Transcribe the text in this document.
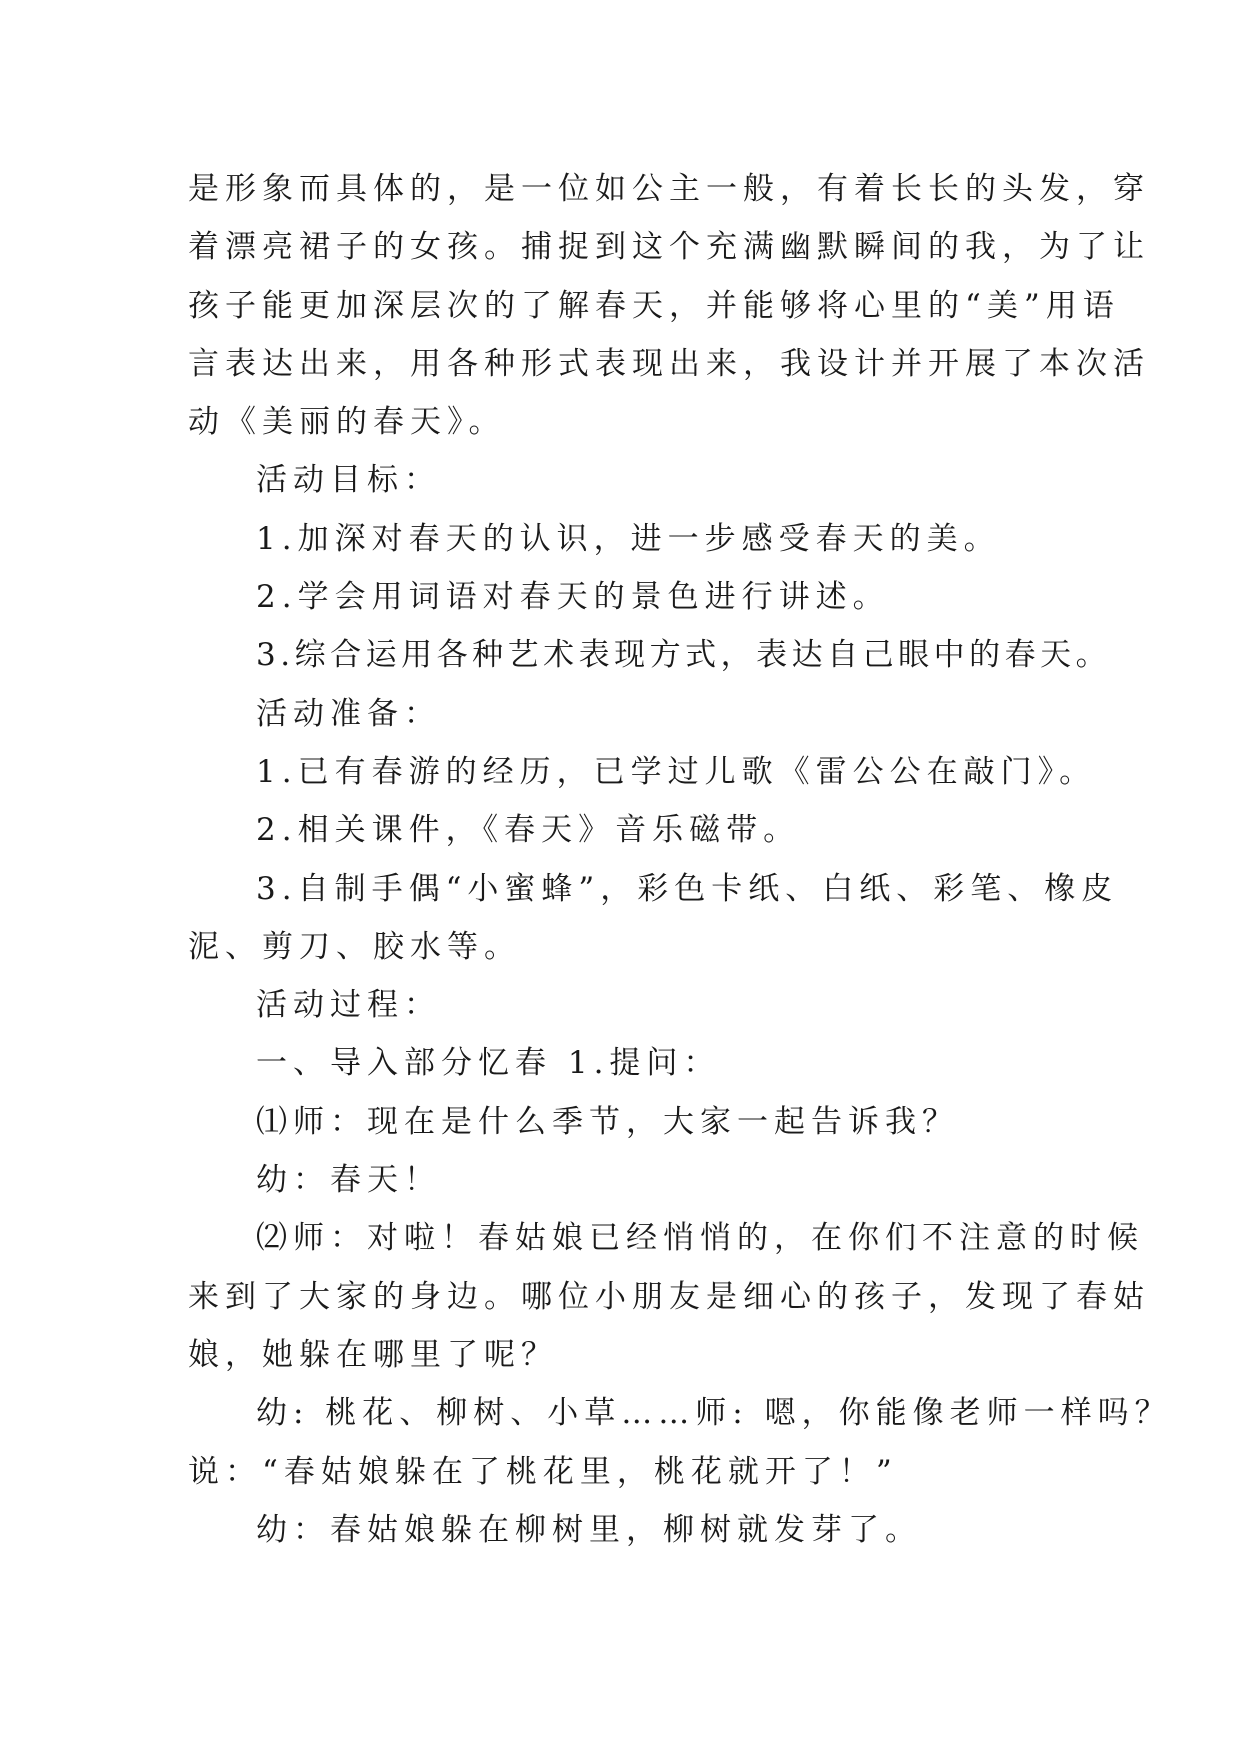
是形象而具体的，是一位如公主一般，有着长长的头发，穿
着漂亮裙子的女孩。捕捉到这个充满幽默瞬间的我，为了让
孩子能更加深层次的了解春天，并能够将心里的“美”用语
言表达出来，用各种形式表现出来，我设计并开展了本次活
动《美丽的春天》。
活动目标：
1.加深对春天的认识，进一步感受春天的美。
2.学会用词语对春天的景色进行讲述。
3.综合运用各种艺术表现方式，表达自己眼中的春天。
活动准备：
1.已有春游的经历，已学过儿歌《雷公公在敲门》。
2.相关课件，《春天》音乐磁带。
3.自制手偶“小蜜蜂”，彩色卡纸、白纸、彩笔、橡皮
泥、剪刀、胶水等。
活动过程：
一、导入部分忆春 1.提问：
⑴师：现在是什么季节，大家一起告诉我？
幼：春天！
⑵师：对啦！春姑娘已经悄悄的，在你们不注意的时候
来到了大家的身边。哪位小朋友是细心的孩子，发现了春姑
娘，她躲在哪里了呢？
幼: 桃花、柳树、小草……师: 嗯，你能像老师一样吗？
说：“春姑娘躲在了桃花里，桃花就开了！”
幼：春姑娘躲在柳树里，柳树就发芽了。
